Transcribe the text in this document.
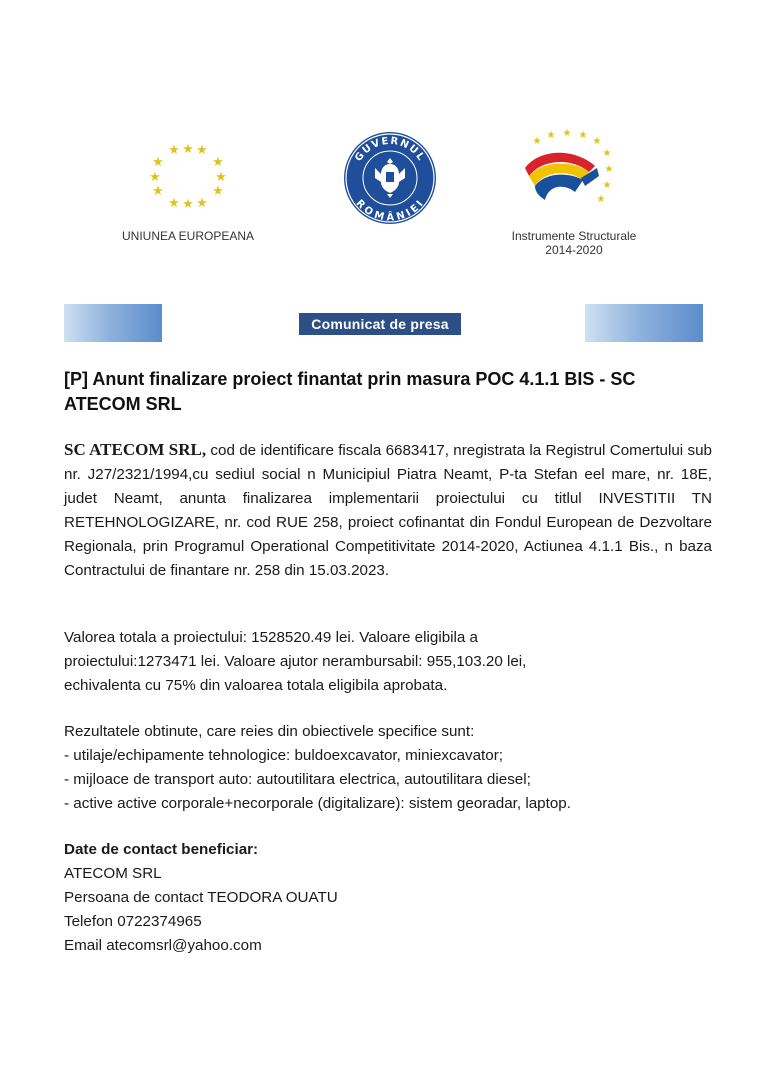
★ ★ ★
★	★
★	★
★	★
★ ★ ★
UNIUNEA EUROPEANA
GUVERNUL
ROMÂNIEI
★
★ ★ ★
★
★
★
★
★
Instrumente Structurale
2014-2020
Comunicat de presa
[P] Anunt finalizare proiect finantat prin masura POC 4.1.1 BIS - SC ATECOM SRL
SC ATECOM SRL, cod de identificare fiscala 6683417, nregistrata la Registrul Comertului sub nr. J27/2321/1994,cu sediul social n Municipiul Piatra Neamt, P-ta Stefan eel mare, nr. 18E, judet Neamt, anunta finalizarea implementarii proiectului cu titlul INVESTITII TN RETEHNOLOGIZARE, nr. cod RUE 258, proiect cofinantat din Fondul European de Dezvoltare Regionala, prin Programul Operational Competitivitate 2014-2020, Actiunea 4.1.1 Bis., n baza Contractului de finantare nr. 258 din 15.03.2023.
Valorea totala a proiectului: 1528520.49 lei. Valoare eligibila a
proiectului:1273471 lei. Valoare ajutor nerambursabil: 955,103.20 lei,
echivalenta cu 75% din valoarea totala eligibila aprobata.
Rezultatele obtinute, care reies din obiectivele specifice sunt:
- utilaje/echipamente tehnologice: buldoexcavator, miniexcavator;
- mijloace de transport auto: autoutilitara electrica, autoutilitara diesel;
- active active corporale+necorporale (digitalizare): sistem georadar, laptop.
Date de contact beneficiar:
ATECOM SRL
Persoana de contact TEODORA OUATU
Telefon 0722374965
Email atecomsrl@yahoo.com
